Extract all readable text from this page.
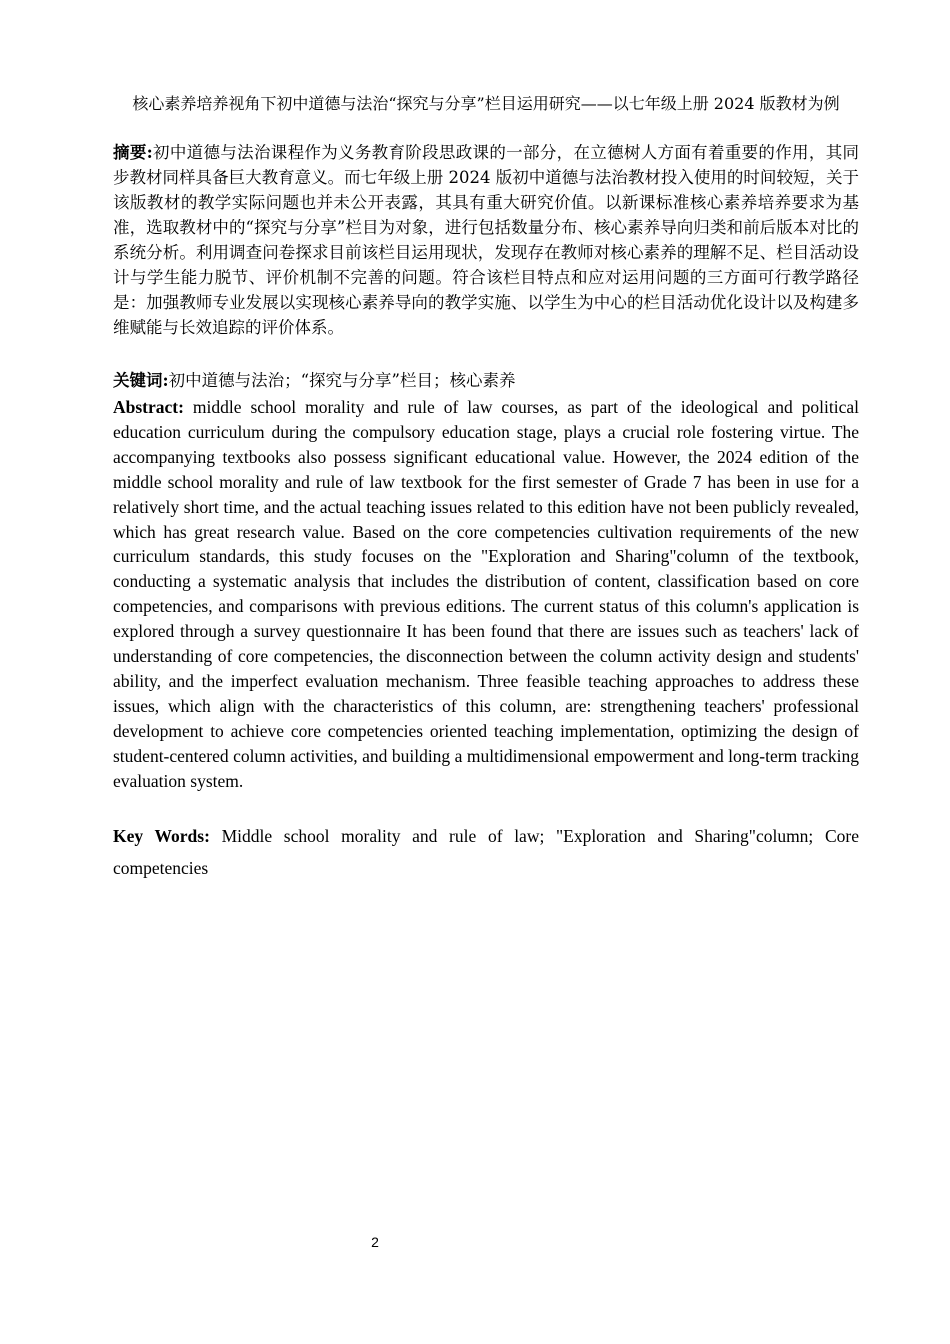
核心素养培养视角下初中道德与法治“探究与分享”栏目运用研究——以七年级上册 2024 版教材为例
摘要:初中道德与法治课程作为义务教育阶段思政课的一部分，在立德树人方面有着重要的作用，其同步教材同样具备巨大教育意义。而七年级上册 2024 版初中道德与法治教材投入使用的时间较短，关于该版教材的教学实际问题也并未公开表露，其具有重大研究价值。以新课标准核心素养培养要求为基准，选取教材中的“探究与分享”栏目为对象，进行包括数量分布、核心素养导向归类和前后版本对比的系统分析。利用调查问卷探求目前该栏目运用现状，发现存在教师对核心素养的理解不足、栏目活动设计与学生能力脱节、评价机制不完善的问题。符合该栏目特点和应对运用问题的三方面可行教学路径是：加强教师专业发展以实现核心素养导向的教学实施、以学生为中心的栏目活动优化设计以及构建多维赋能与长效追踪的评价体系。
关键词:初中道德与法治；“探究与分享”栏目；核心素养
Abstract: middle school morality and rule of law courses, as part of the ideological and political education curriculum during the compulsory education stage, plays a crucial role fostering virtue. The accompanying textbooks also possess significant educational value. However, the 2024 edition of the middle school morality and rule of law textbook for the first semester of Grade 7 has been in use for a relatively short time, and the actual teaching issues related to this edition have not been publicly revealed, which has great research value. Based on the core competencies cultivation requirements of the new curriculum standards, this study focuses on the "Exploration and Sharing"column of the textbook, conducting a systematic analysis that includes the distribution of content, classification based on core competencies, and comparisons with previous editions. The current status of this column's application is explored through a survey questionnaire It has been found that there are issues such as teachers' lack of understanding of core competencies, the disconnection between the column activity design and students' ability, and the imperfect evaluation mechanism. Three feasible teaching approaches to address these issues, which align with the characteristics of this column, are: strengthening teachers' professional development to achieve core competencies oriented teaching implementation, optimizing the design of student-centered column activities, and building a multidimensional empowerment and long-term tracking evaluation system.
Key Words: Middle school morality and rule of law; "Exploration and Sharing"column; Core competencies
2
